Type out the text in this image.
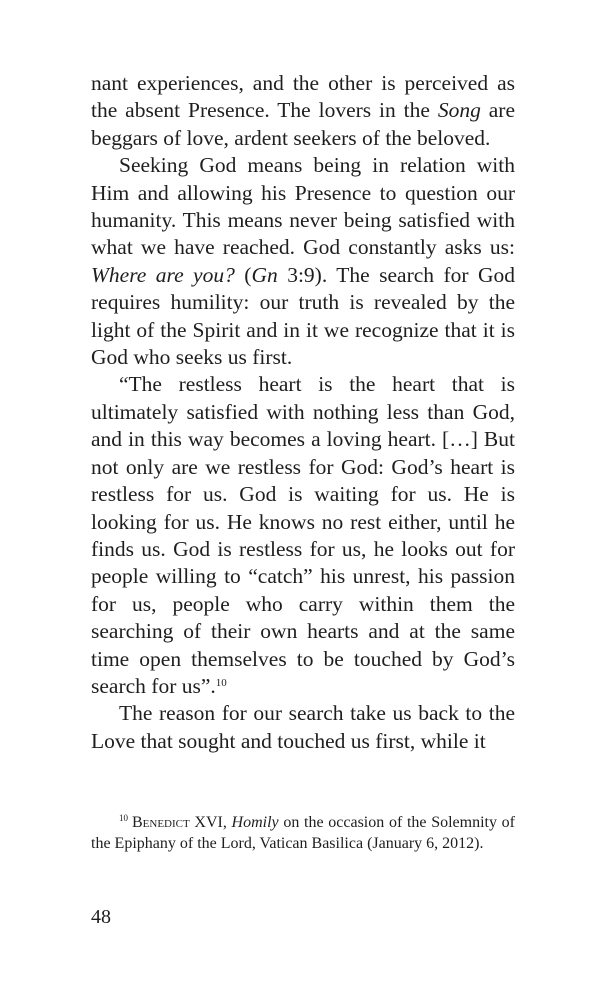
nant experiences, and the other is perceived as the absent Presence. The lovers in the Song are beggars of love, ardent seekers of the beloved.

Seeking God means being in relation with Him and allowing his Presence to question our humanity. This means never being satisfied with what we have reached. God constantly asks us: Where are you? (Gn 3:9). The search for God requires humility: our truth is revealed by the light of the Spirit and in it we recognize that it is God who seeks us first.

“The restless heart is the heart that is ultimately satisfied with nothing less than God, and in this way becomes a loving heart. […] But not only are we restless for God: God’s heart is restless for us. God is waiting for us. He is looking for us. He knows no rest either, until he finds us. God is restless for us, he looks out for people willing to “catch” his unrest, his passion for us, people who carry within them the searching of their own hearts and at the same time open themselves to be touched by God’s search for us”.$^{10}$

The reason for our search take us back to the Love that sought and touched us first, while it

$^{10}$ Benedict XVI, Homily on the occasion of the Solemnity of the Epiphany of the Lord, Vatican Basilica (January 6, 2012).

48
